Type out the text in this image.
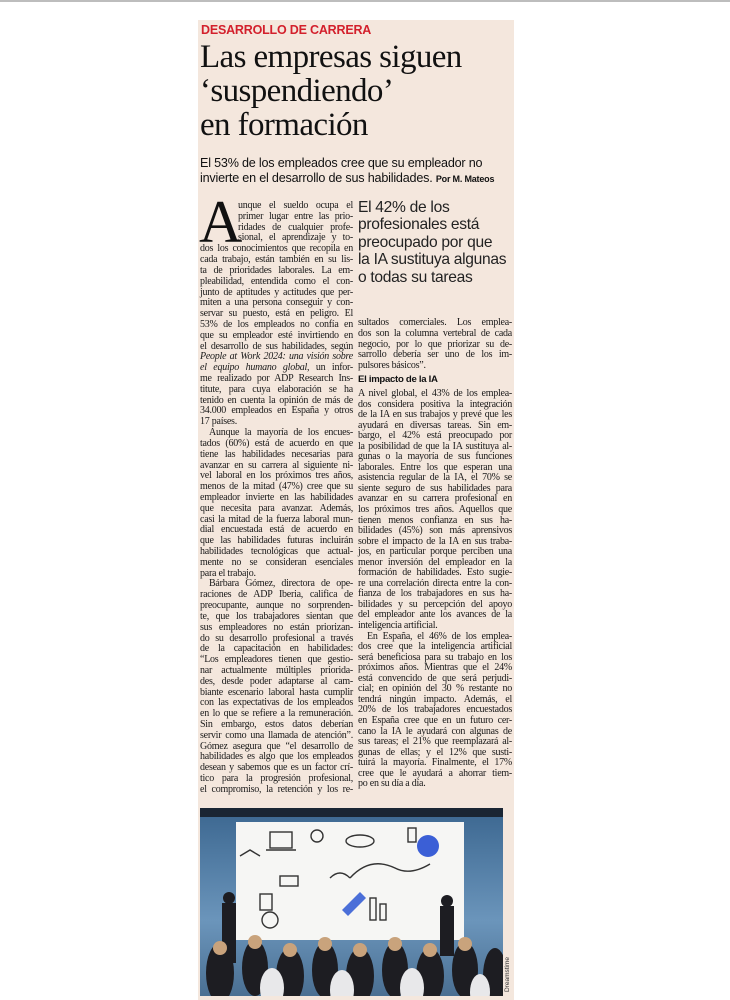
DESARROLLO DE CARRERA
Las empresas siguen
‘suspendiendo’
en formación
El 53% de los empleados cree que su empleador no
invierte en el desarrollo de sus habilidades. Por M. Mateos
A
unque el sueldo ocupa el
primer lugar entre las prio-
ridades de cualquier profe-
sional, el aprendizaje y to-
dos los conocimientos que recopila en
cada trabajo, están también en su lis-
ta de prioridades laborales. La em-
pleabilidad, entendida como el con-
junto de aptitudes y actitudes que per-
miten a una persona conseguir y con-
servar su puesto, está en peligro. El
53% de los empleados no confía en
que su empleador esté invirtiendo en
el desarrollo de sus habilidades, según
People at Work 2024: una visión sobre
el equipo humano global, un infor-
me realizado por ADP Research Ins-
titute, para cuya elaboración se ha
tenido en cuenta la opinión de más de
34.000 empleados en España y otros
17 países.
Aunque la mayoría de los encues-
tados (60%) está de acuerdo en que
tiene las habilidades necesarias para
avanzar en su carrera al siguiente ni-
vel laboral en los próximos tres años,
menos de la mitad (47%) cree que su
empleador invierte en las habilidades
que necesita para avanzar. Además,
casi la mitad de la fuerza laboral mun-
dial encuestada está de acuerdo en
que las habilidades futuras incluirán
habilidades tecnológicas que actual-
mente no se consideran esenciales
para el trabajo.
Bárbara Gómez, directora de ope-
raciones de ADP Iberia, califica de
preocupante, aunque no sorprenden-
te, que los trabajadores sientan que
sus empleadores no están priorizan-
do su desarrollo profesional a través
de la capacitación en habilidades:
“Los empleadores tienen que gestio-
nar actualmente múltiples priorida-
des, desde poder adaptarse al cam-
biante escenario laboral hasta cumplir
con las expectativas de los empleados
en lo que se refiere a la remuneración.
Sin embargo, estos datos deberían
servir como una llamada de atención”.
Gómez asegura que “el desarrollo de
habilidades es algo que los empleados
desean y sabemos que es un factor crí-
tico para la progresión profesional,
el compromiso, la retención y los re-
El 42% de los
profesionales está
preocupado por que
la IA sustituya algunas
o todas su tareas
sultados comerciales. Los emplea-
dos son la columna vertebral de cada
negocio, por lo que priorizar su de-
sarrollo debería ser uno de los im-
pulsores básicos”.
El impacto de la IA
A nivel global, el 43% de los emplea-
dos considera positiva la integración
de la IA en sus trabajos y prevé que les
ayudará en diversas tareas. Sin em-
bargo, el 42% está preocupado por
la posibilidad de que la IA sustituya al-
gunas o la mayoría de sus funciones
laborales. Entre los que esperan una
asistencia regular de la IA, el 70% se
siente seguro de sus habilidades para
avanzar en su carrera profesional en
los próximos tres años. Aquellos que
tienen menos confianza en sus ha-
bilidades (45%) son más aprensivos
sobre el impacto de la IA en sus traba-
jos, en particular porque perciben una
menor inversión del empleador en la
formación de habilidades. Esto sugie-
re una correlación directa entre la con-
fianza de los trabajadores en sus ha-
bilidades y su percepción del apoyo
del empleador ante los avances de la
inteligencia artificial.
En España, el 46% de los emplea-
dos cree que la inteligencia artificial
será beneficiosa para su trabajo en los
próximos años. Mientras que el 24%
está convencido de que será perjudi-
cial; en opinión del 30 % restante no
tendrá ningún impacto. Además, el
20% de los trabajadores encuestados
en España cree que en un futuro cer-
cano la IA le ayudará con algunas de
sus tareas; el 21% que reemplazará al-
gunas de ellas; y el 12% que susti-
tuirá la mayoría. Finalmente, el 17%
cree que le ayudará a ahorrar tiem-
po en su día a día.
Dreamstime
